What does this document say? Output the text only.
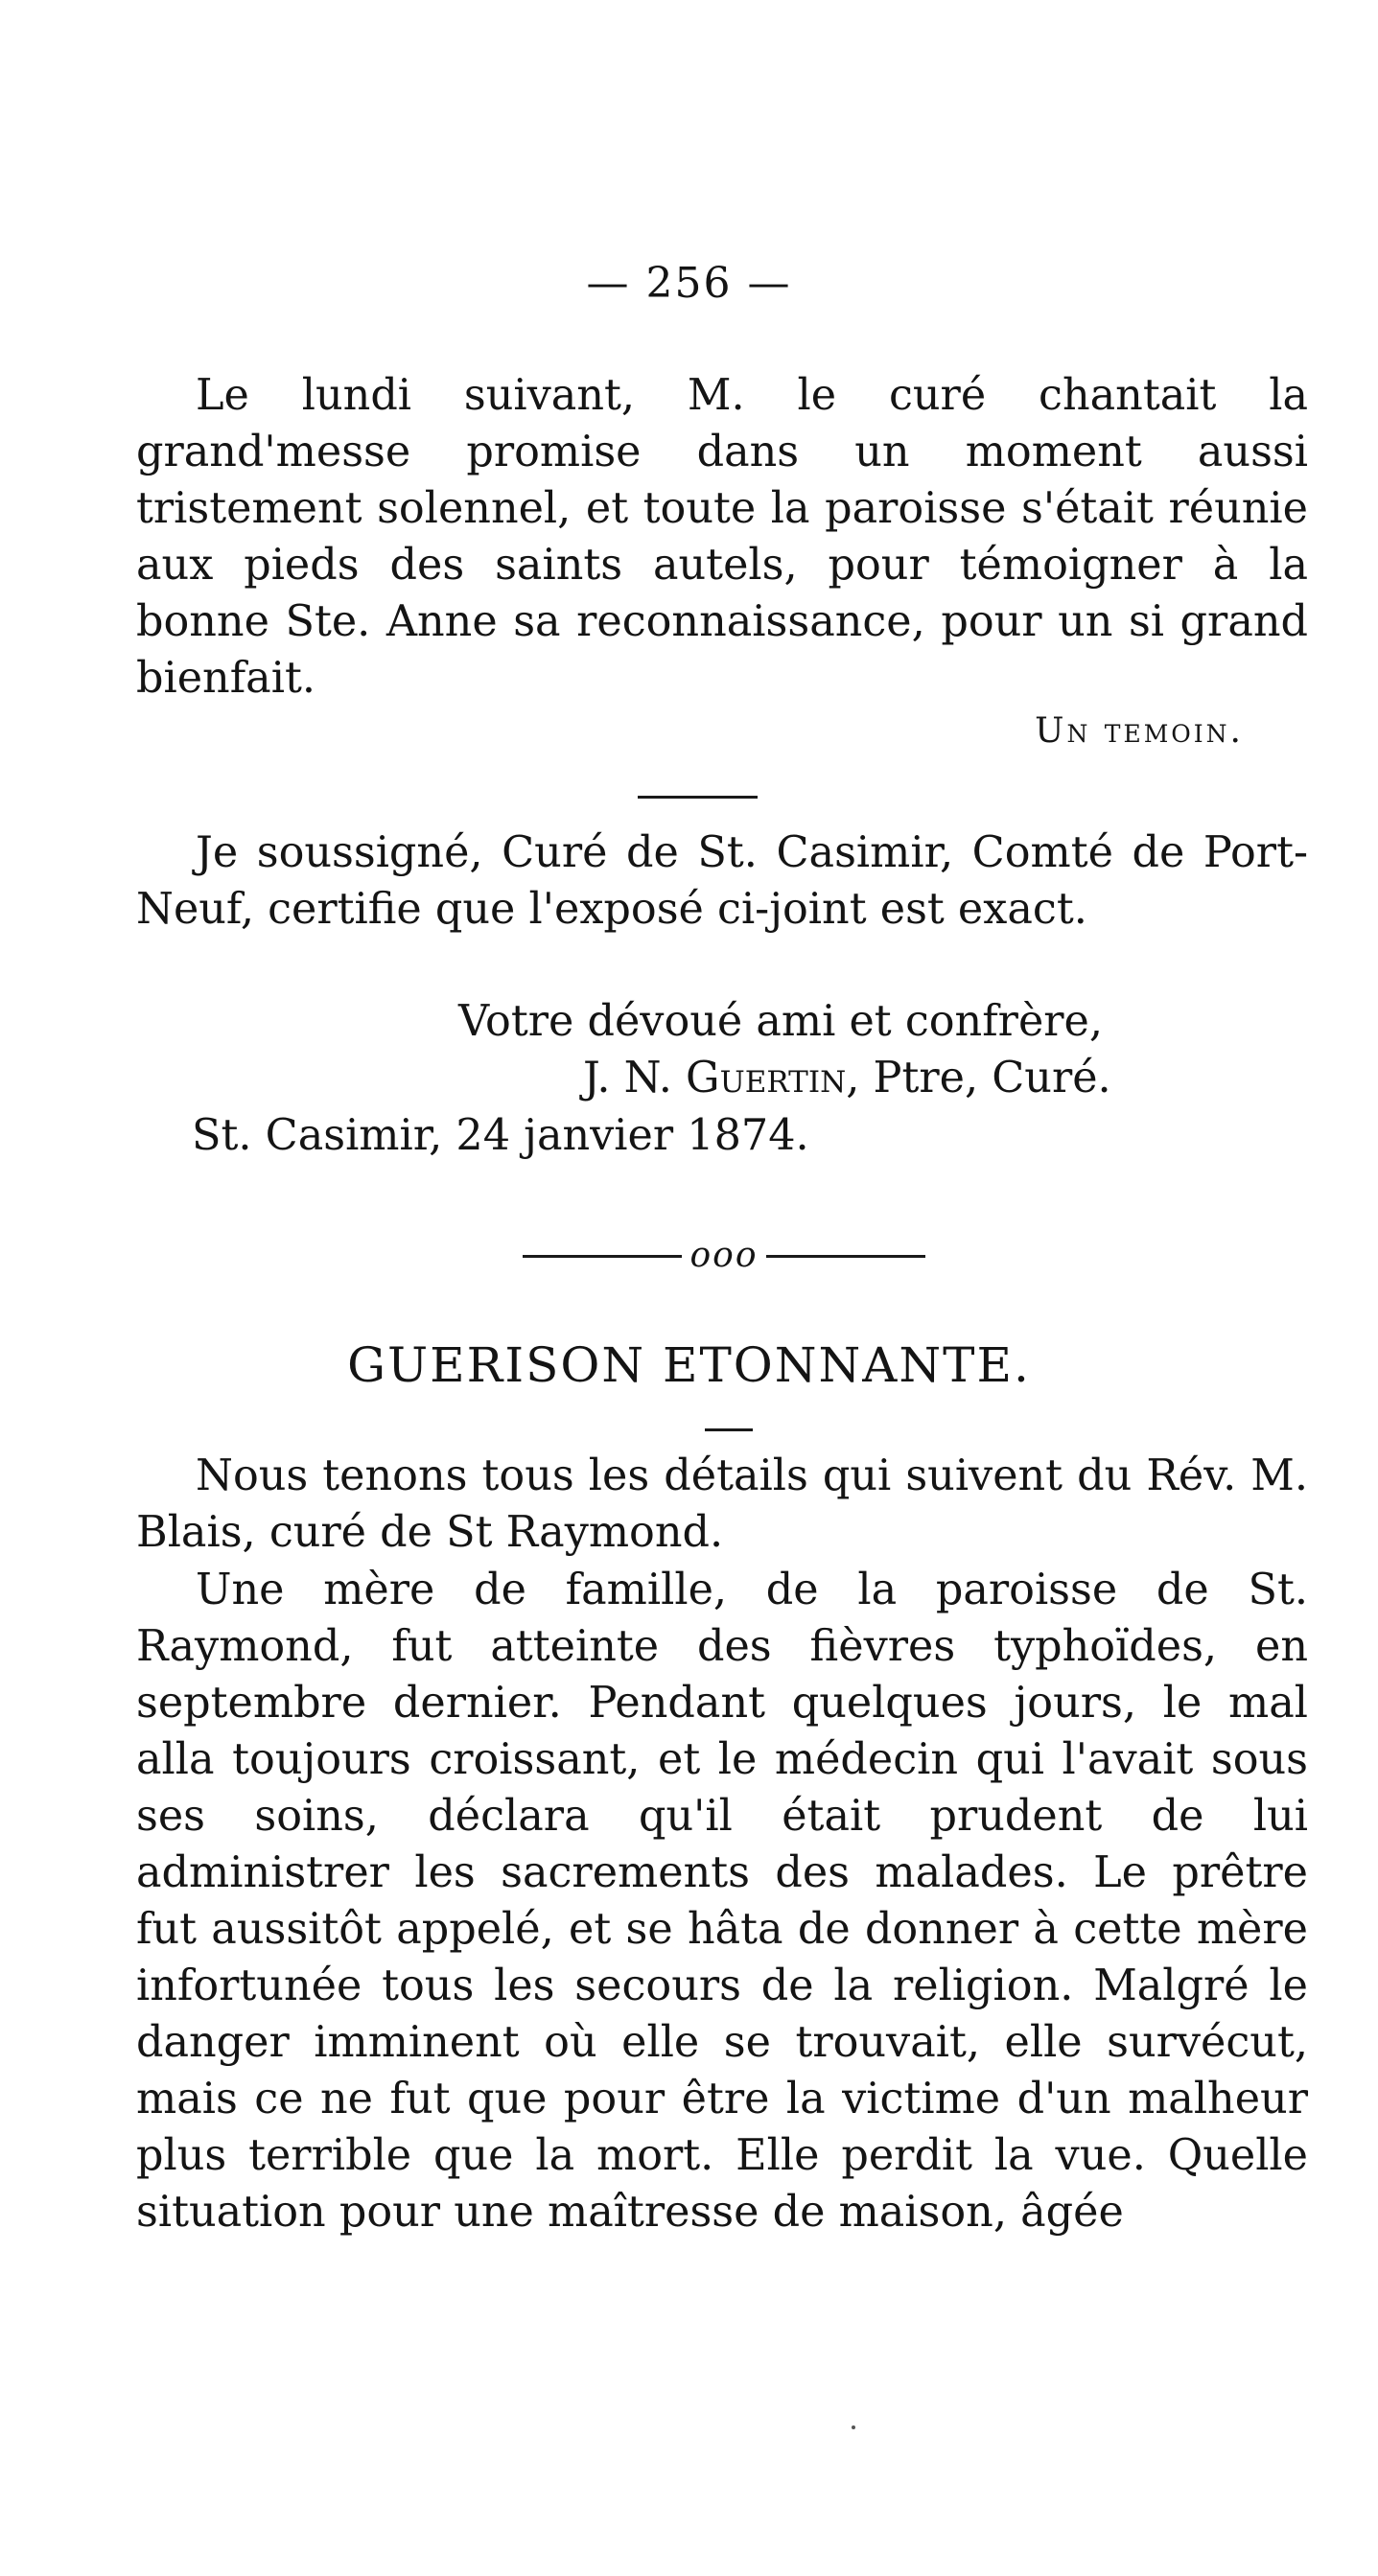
— 256 —

Le lundi suivant, M. le curé chantait la grand'messe promise dans un moment aussi tristement solennel, et toute la paroisse s'était réunie aux pieds des saints autels, pour témoigner à la bonne Ste. Anne sa reconnaissance, pour un si grand bienfait.

Un temoin.

Je soussigné, Curé de St. Casimir, Comté de Port-Neuf, certifie que l'exposé ci-joint est exact.

Votre dévoué ami et confrère,
J. N. Guertin, Ptre, Curé.
St. Casimir, 24 janvier 1874.
ooo
GUERISON ETONNANTE.

Nous tenons tous les détails qui suivent du Rév. M. Blais, curé de St Raymond.

Une mère de famille, de la paroisse de St. Raymond, fut atteinte des fièvres typhoïdes, en septembre dernier. Pendant quelques jours, le mal alla toujours croissant, et le médecin qui l'avait sous ses soins, déclara qu'il était prudent de lui administrer les sacrements des malades. Le prêtre fut aussitôt appelé, et se hâta de donner à cette mère infortunée tous les secours de la religion. Malgré le danger imminent où elle se trouvait, elle survécut, mais ce ne fut que pour être la victime d'un malheur plus terrible que la mort. Elle perdit la vue. Quelle situation pour une maîtresse de maison, âgée
